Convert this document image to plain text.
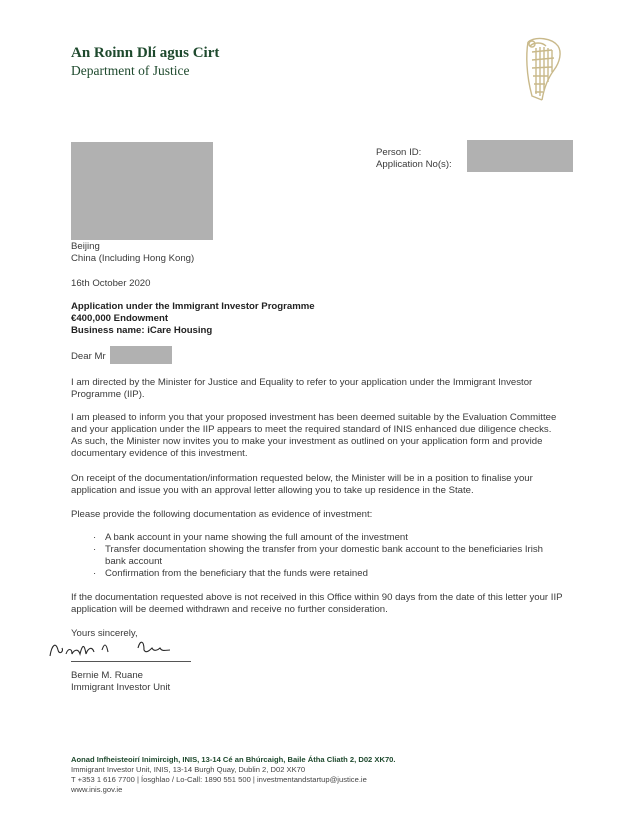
An Roinn Dlí agus Cirt
Department of Justice
Person ID:
Application No(s):
Beijing
China (Including Hong Kong)
16th October 2020
Application under the Immigrant Investor Programme
€400,000 Endowment
Business name: iCare Housing
Dear Mr
I am directed by the Minister for Justice and Equality to refer to your application under the Immigrant Investor
Programme (IIP).
I am pleased to inform you that your proposed investment has been deemed suitable by the Evaluation Committee
and your application under the IIP appears to meet the required standard of INIS enhanced due diligence checks.
As such, the Minister now invites you to make your investment as outlined on your application form and provide
documentary evidence of this investment.
On receipt of the documentation/information requested below, the Minister will be in a position to finalise your
application and issue you with an approval letter allowing you to take up residence in the State.
Please provide the following documentation as evidence of investment:
· A bank account in your name showing the full amount of the investment
· Transfer documentation showing the transfer from your domestic bank account to the beneficiaries Irish
bank account
· Confirmation from the beneficiary that the funds were retained
If the documentation requested above is not received in this Office within 90 days from the date of this letter your IIP
application will be deemed withdrawn and receive no further consideration.
Yours sincerely,
Bernie M. Ruane
Immigrant Investor Unit
Aonad Infheisteoirí Inimircigh, INIS, 13-14 Cé an Bhúrcaigh, Baile Átha Cliath 2, D02 XK70.
Immigrant Investor Unit, INIS, 13-14 Burgh Quay, Dublin 2, D02 XK70
T +353 1 616 7700 | Íosghlao / Lo-Call: 1890 551 500 | investmentandstartup@justice.ie
www.inis.gov.ie
